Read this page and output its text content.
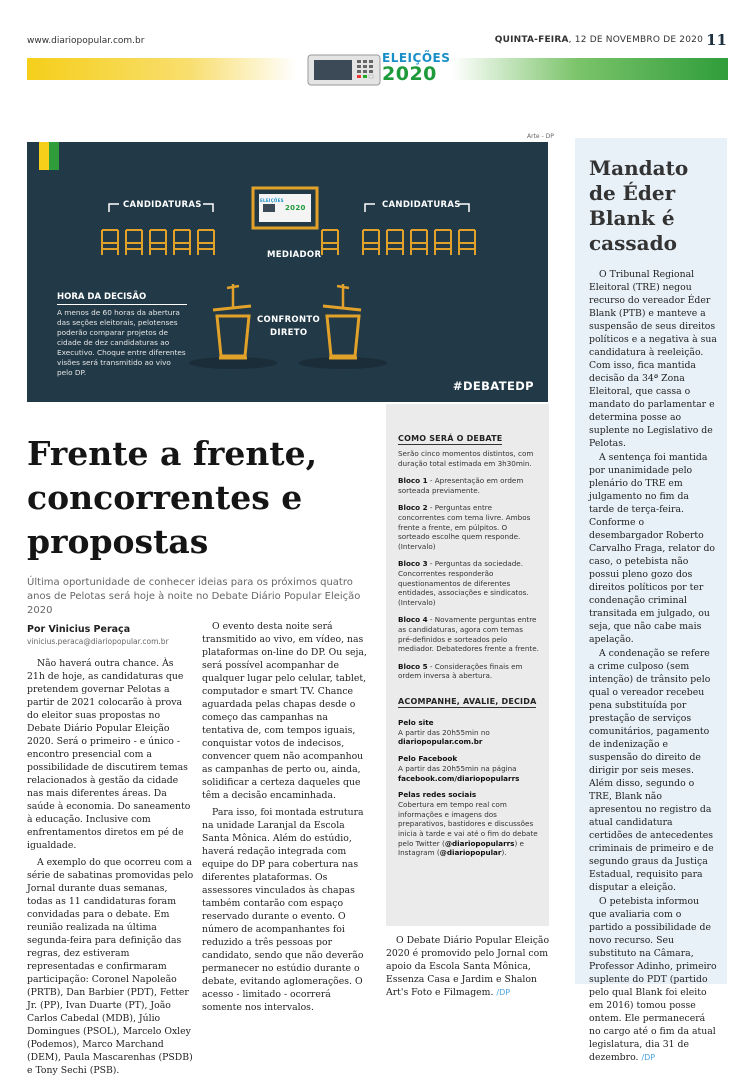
www.diariopopular.com.br	QUINTA-FEIRA, 12 DE NOVEMBRO DE 2020 11
ELEIÇÕES
2020
Arte - DP
CANDIDATURAS	CANDIDATURAS
MEDIADOR
ELEIÇÕES
2020
CONFRONTO
DIRETO
HORA DA DECISÃO
A menos de 60 horas da abertura das seções eleitorais, pelotenses poderão comparar projetos de cidade de dez candidaturas ao Executivo. Choque entre diferentes visões será transmitido ao vivo pelo DP.
#DEBATEDP
Frente a frente, concorrentes e propostas
Última oportunidade de conhecer ideias para os próximos quatro anos de Pelotas será hoje à noite no Debate Diário Popular Eleição 2020
Por Vinicius Peraça
vinicius.peraca@diariopopular.com.br

Não haverá outra chance. Às 21h de hoje, as candidaturas que pretendem governar Pelotas a partir de 2021 colocarão à prova do eleitor suas propostas no Debate Diário Popular Eleição 2020. Será o primeiro - e único - encontro presencial com a possibilidade de discutirem temas relacionados à gestão da cidade nas mais diferentes áreas. Da saúde à economia. Do saneamento à educação. Inclusive com enfrentamentos diretos em pé de igualdade.

A exemplo do que ocorreu com a série de sabatinas promovidas pelo Jornal durante duas semanas, todas as 11 candidaturas foram convidadas para o debate. Em reunião realizada na última segunda-feira para definição das regras, dez estiveram representadas e confirmaram participação: Coronel Napoleão (PRTB), Dan Barbier (PDT), Fetter Jr. (PP), Ivan Duarte (PT), João Carlos Cabedal (MDB), Júlio Domingues (PSOL), Marcelo Oxley (Podemos), Marco Marchand (DEM), Paula Mascarenhas (PSDB) e Tony Sechi (PSB).

O evento desta noite será transmitido ao vivo, em vídeo, nas plataformas on-line do DP. Ou seja, será possível acompanhar de qualquer lugar pelo celular, tablet, computador e smart TV. Chance aguardada pelas chapas desde o começo das campanhas na tentativa de, com tempos iguais, conquistar votos de indecisos, convencer quem não acompanhou as campanhas de perto ou, ainda, solidificar a certeza daqueles que têm a decisão encaminhada.

Para isso, foi montada estrutura na unidade Laranjal da Escola Santa Mônica. Além do estúdio, haverá redação integrada com equipe do DP para cobertura nas diferentes plataformas. Os assessores vinculados às chapas também contarão com espaço reservado durante o evento. O número de acompanhantes foi reduzido a três pessoas por candidato, sendo que não deverão permanecer no estúdio durante o debate, evitando aglomerações. O acesso - limitado - ocorrerá somente nos intervalos.

COMO SERÁ O DEBATE
Serão cinco momentos distintos, com duração total estimada em 3h30min.
Bloco 1 - Apresentação em ordem sorteada previamente.
Bloco 2 - Perguntas entre concorrentes com tema livre. Ambos frente a frente, em púlpitos. O sorteado escolhe quem responde. (Intervalo)
Bloco 3 - Perguntas da sociedade. Concorrentes responderão questionamentos de diferentes entidades, associações e sindicatos. (Intervalo)
Bloco 4 - Novamente perguntas entre as candidaturas, agora com temas pré-definidos e sorteados pelo mediador. Debatedores frente a frente.
Bloco 5 - Considerações finais em ordem inversa à abertura.
ACOMPANHE, AVALIE, DECIDA
Pelo site
A partir das 20h55min no diariopopular.com.br
Pelo Facebook
A partir das 20h55min na página facebook.com/diariopopularrs
Pelas redes sociais
Cobertura em tempo real com informações e imagens dos preparativos, bastidores e discussões inicia à tarde e vai até o fim do debate pelo Twitter (@diariopopularrs) e Instagram (@diariopopular).
O Debate Diário Popular Eleição 2020 é promovido pelo Jornal com apoio da Escola Santa Mônica, Essenza Casa e Jardim e Shalon Art's Foto e Filmagem. /DP
Mandato de Éder Blank é cassado

O Tribunal Regional Eleitoral (TRE) negou recurso do vereador Éder Blank (PTB) e manteve a suspensão de seus direitos políticos e a negativa à sua candidatura à reeleição. Com isso, fica mantida decisão da 34ª Zona Eleitoral, que cassa o mandato do parlamentar e determina posse ao suplente no Legislativo de Pelotas.

A sentença foi mantida por unanimidade pelo plenário do TRE em julgamento no fim da tarde de terça-feira. Conforme o desembargador Roberto Carvalho Fraga, relator do caso, o petebista não possui pleno gozo dos direitos políticos por ter condenação criminal transitada em julgado, ou seja, que não cabe mais apelação.

A condenação se refere a crime culposo (sem intenção) de trânsito pelo qual o vereador recebeu pena substituída por prestação de serviços comunitários, pagamento de indenização e suspensão do direito de dirigir por seis meses. Além disso, segundo o TRE, Blank não apresentou no registro da atual candidatura certidões de antecedentes criminais de primeiro e de segundo graus da Justiça Estadual, requisito para disputar a eleição.

O petebista informou que avaliaria com o partido a possibilidade de novo recurso. Seu substituto na Câmara, Professor Adinho, primeiro suplente do PDT (partido pelo qual Blank foi eleito em 2016) tomou posse ontem. Ele permanecerá no cargo até o fim da atual legislatura, dia 31 de dezembro. /DP
